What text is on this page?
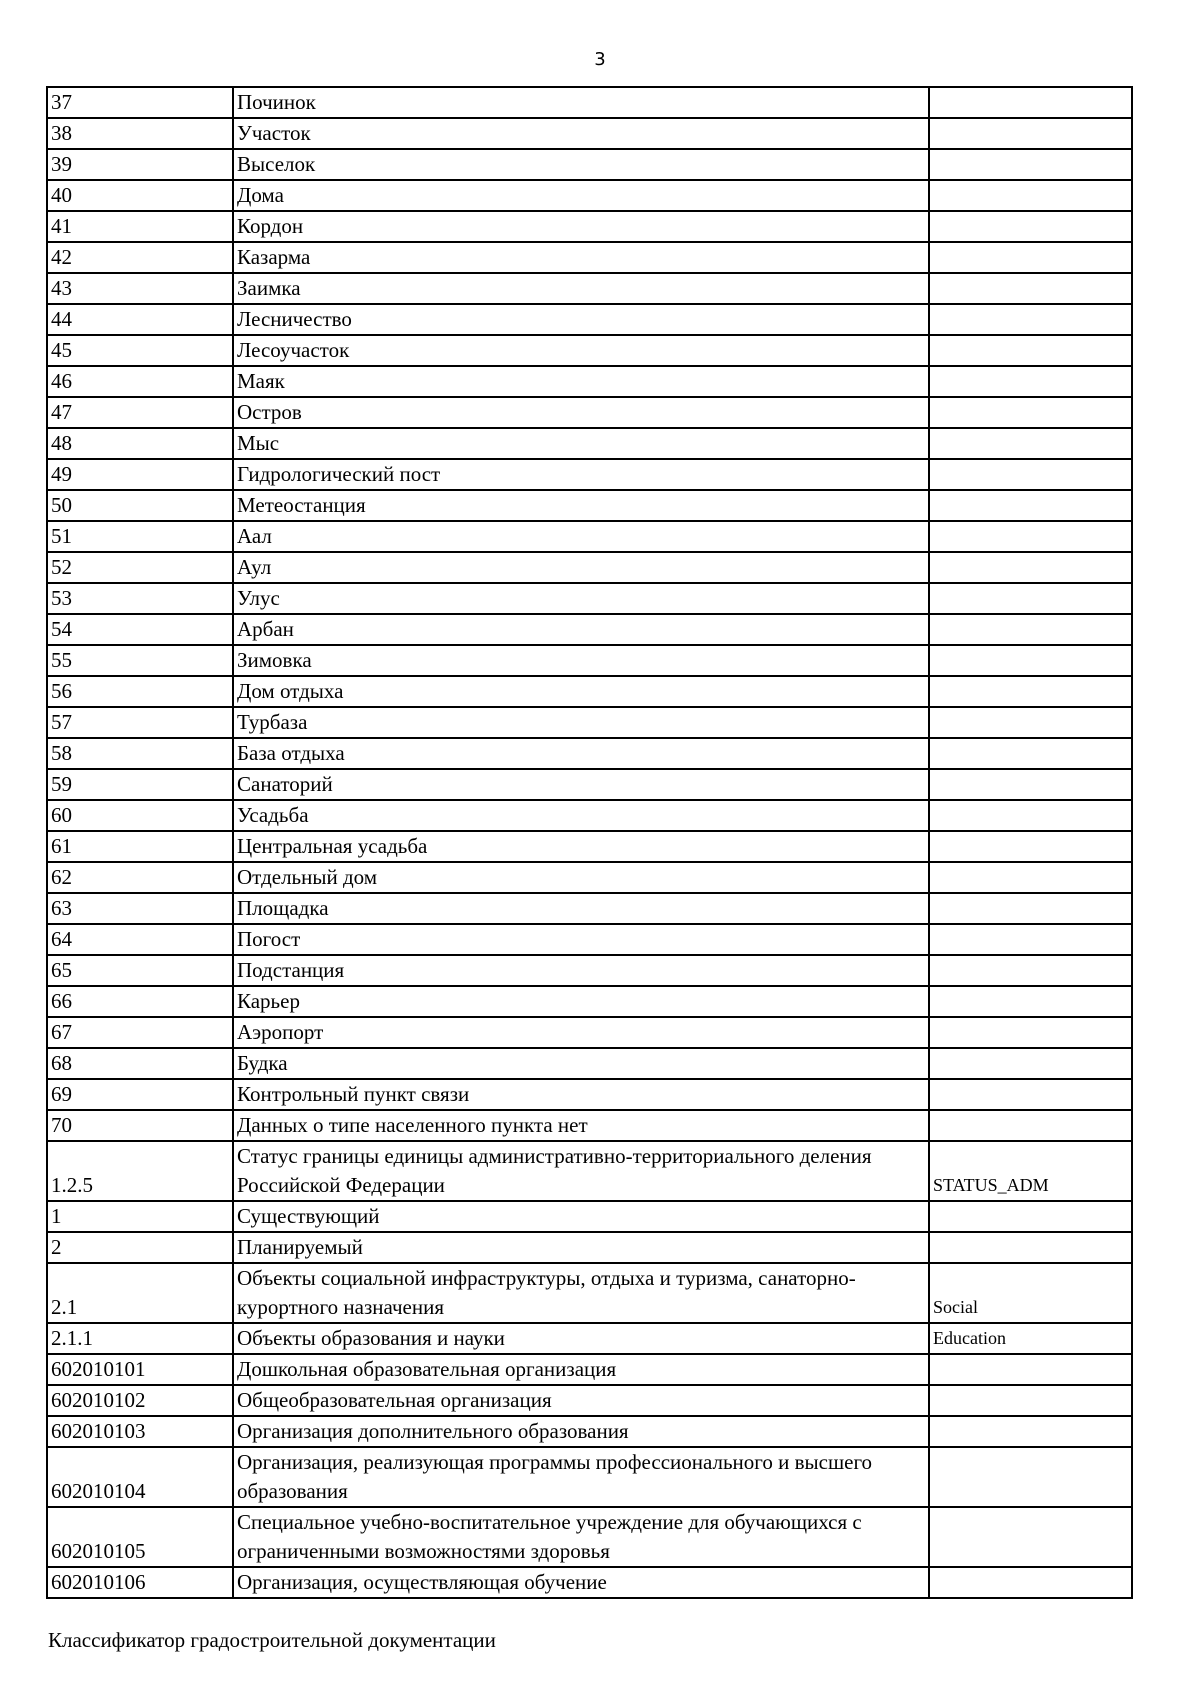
3
37	Починок	
38	Участок	
39	Выселок	
40	Дома	
41	Кордон	
42	Казарма	
43	Заимка	
44	Лесничество	
45	Лесоучасток	
46	Маяк	
47	Остров	
48	Мыс	
49	Гидрологический пост	
50	Метеостанция	
51	Аал	
52	Аул	
53	Улус	
54	Арбан	
55	Зимовка	
56	Дом отдыха	
57	Турбаза	
58	База отдыха	
59	Санаторий	
60	Усадьба	
61	Центральная усадьба	
62	Отдельный дом	
63	Площадка	
64	Погост	
65	Подстанция	
66	Карьер	
67	Аэропорт	
68	Будка	
69	Контрольный пункт связи	
70	Данных о типе населенного пункта нет	
1.2.5	Статус границы единицы административно-территориального деления Российской Федерации	STATUS_ADM
1	Существующий	
2	Планируемый	
2.1	Объекты социальной инфраструктуры, отдыха и туризма, санаторно-курортного назначения	Social
2.1.1	Объекты образования и науки	Education
602010101	Дошкольная образовательная организация	
602010102	Общеобразовательная организация	
602010103	Организация дополнительного образования	
602010104	Организация, реализующая программы профессионального и высшего образования	
602010105	Специальное учебно-воспитательное учреждение для обучающихся с ограниченными возможностями здоровья	
602010106	Организация, осуществляющая обучение	
Классификатор градостроительной документации
